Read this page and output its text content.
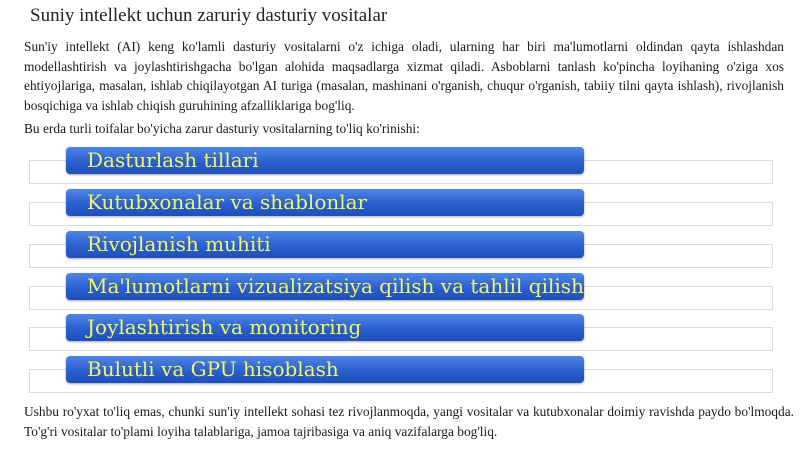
Suniy intellekt uchun zaruriy dasturiy vositalar
Sun'iy intellekt (AI) keng ko'lamli dasturiy vositalarni o'z ichiga oladi, ularning har biri ma'lumotlarni oldindan qayta ishlashdan modellashtirish va joylashtirishgacha bo'lgan alohida maqsadlarga xizmat qiladi. Asboblarni tanlash ko'pincha loyihaning o'ziga xos ehtiyojlariga, masalan, ishlab chiqilayotgan AI turiga (masalan, mashinani o'rganish, chuqur o'rganish, tabiiy tilni qayta ishlash), rivojlanish bosqichiga va ishlab chiqish guruhining afzalliklariga bog'liq.
Bu erda turli toifalar bo'yicha zarur dasturiy vositalarning to'liq ko'rinishi:
Dasturlash tillari
Kutubxonalar va shablonlar
Rivojlanish muhiti
Ma'lumotlarni vizualizatsiya qilish va tahlil qilish
Joylashtirish va monitoring
Bulutli va GPU hisoblash
Ushbu ro'yxat to'liq emas, chunki sun'iy intellekt sohasi tez rivojlanmoqda, yangi vositalar va kutubxonalar doimiy ravishda paydo bo'lmoqda. To'g'ri vositalar to'plami loyiha talablariga, jamoa tajribasiga va aniq vazifalarga bog'liq.
